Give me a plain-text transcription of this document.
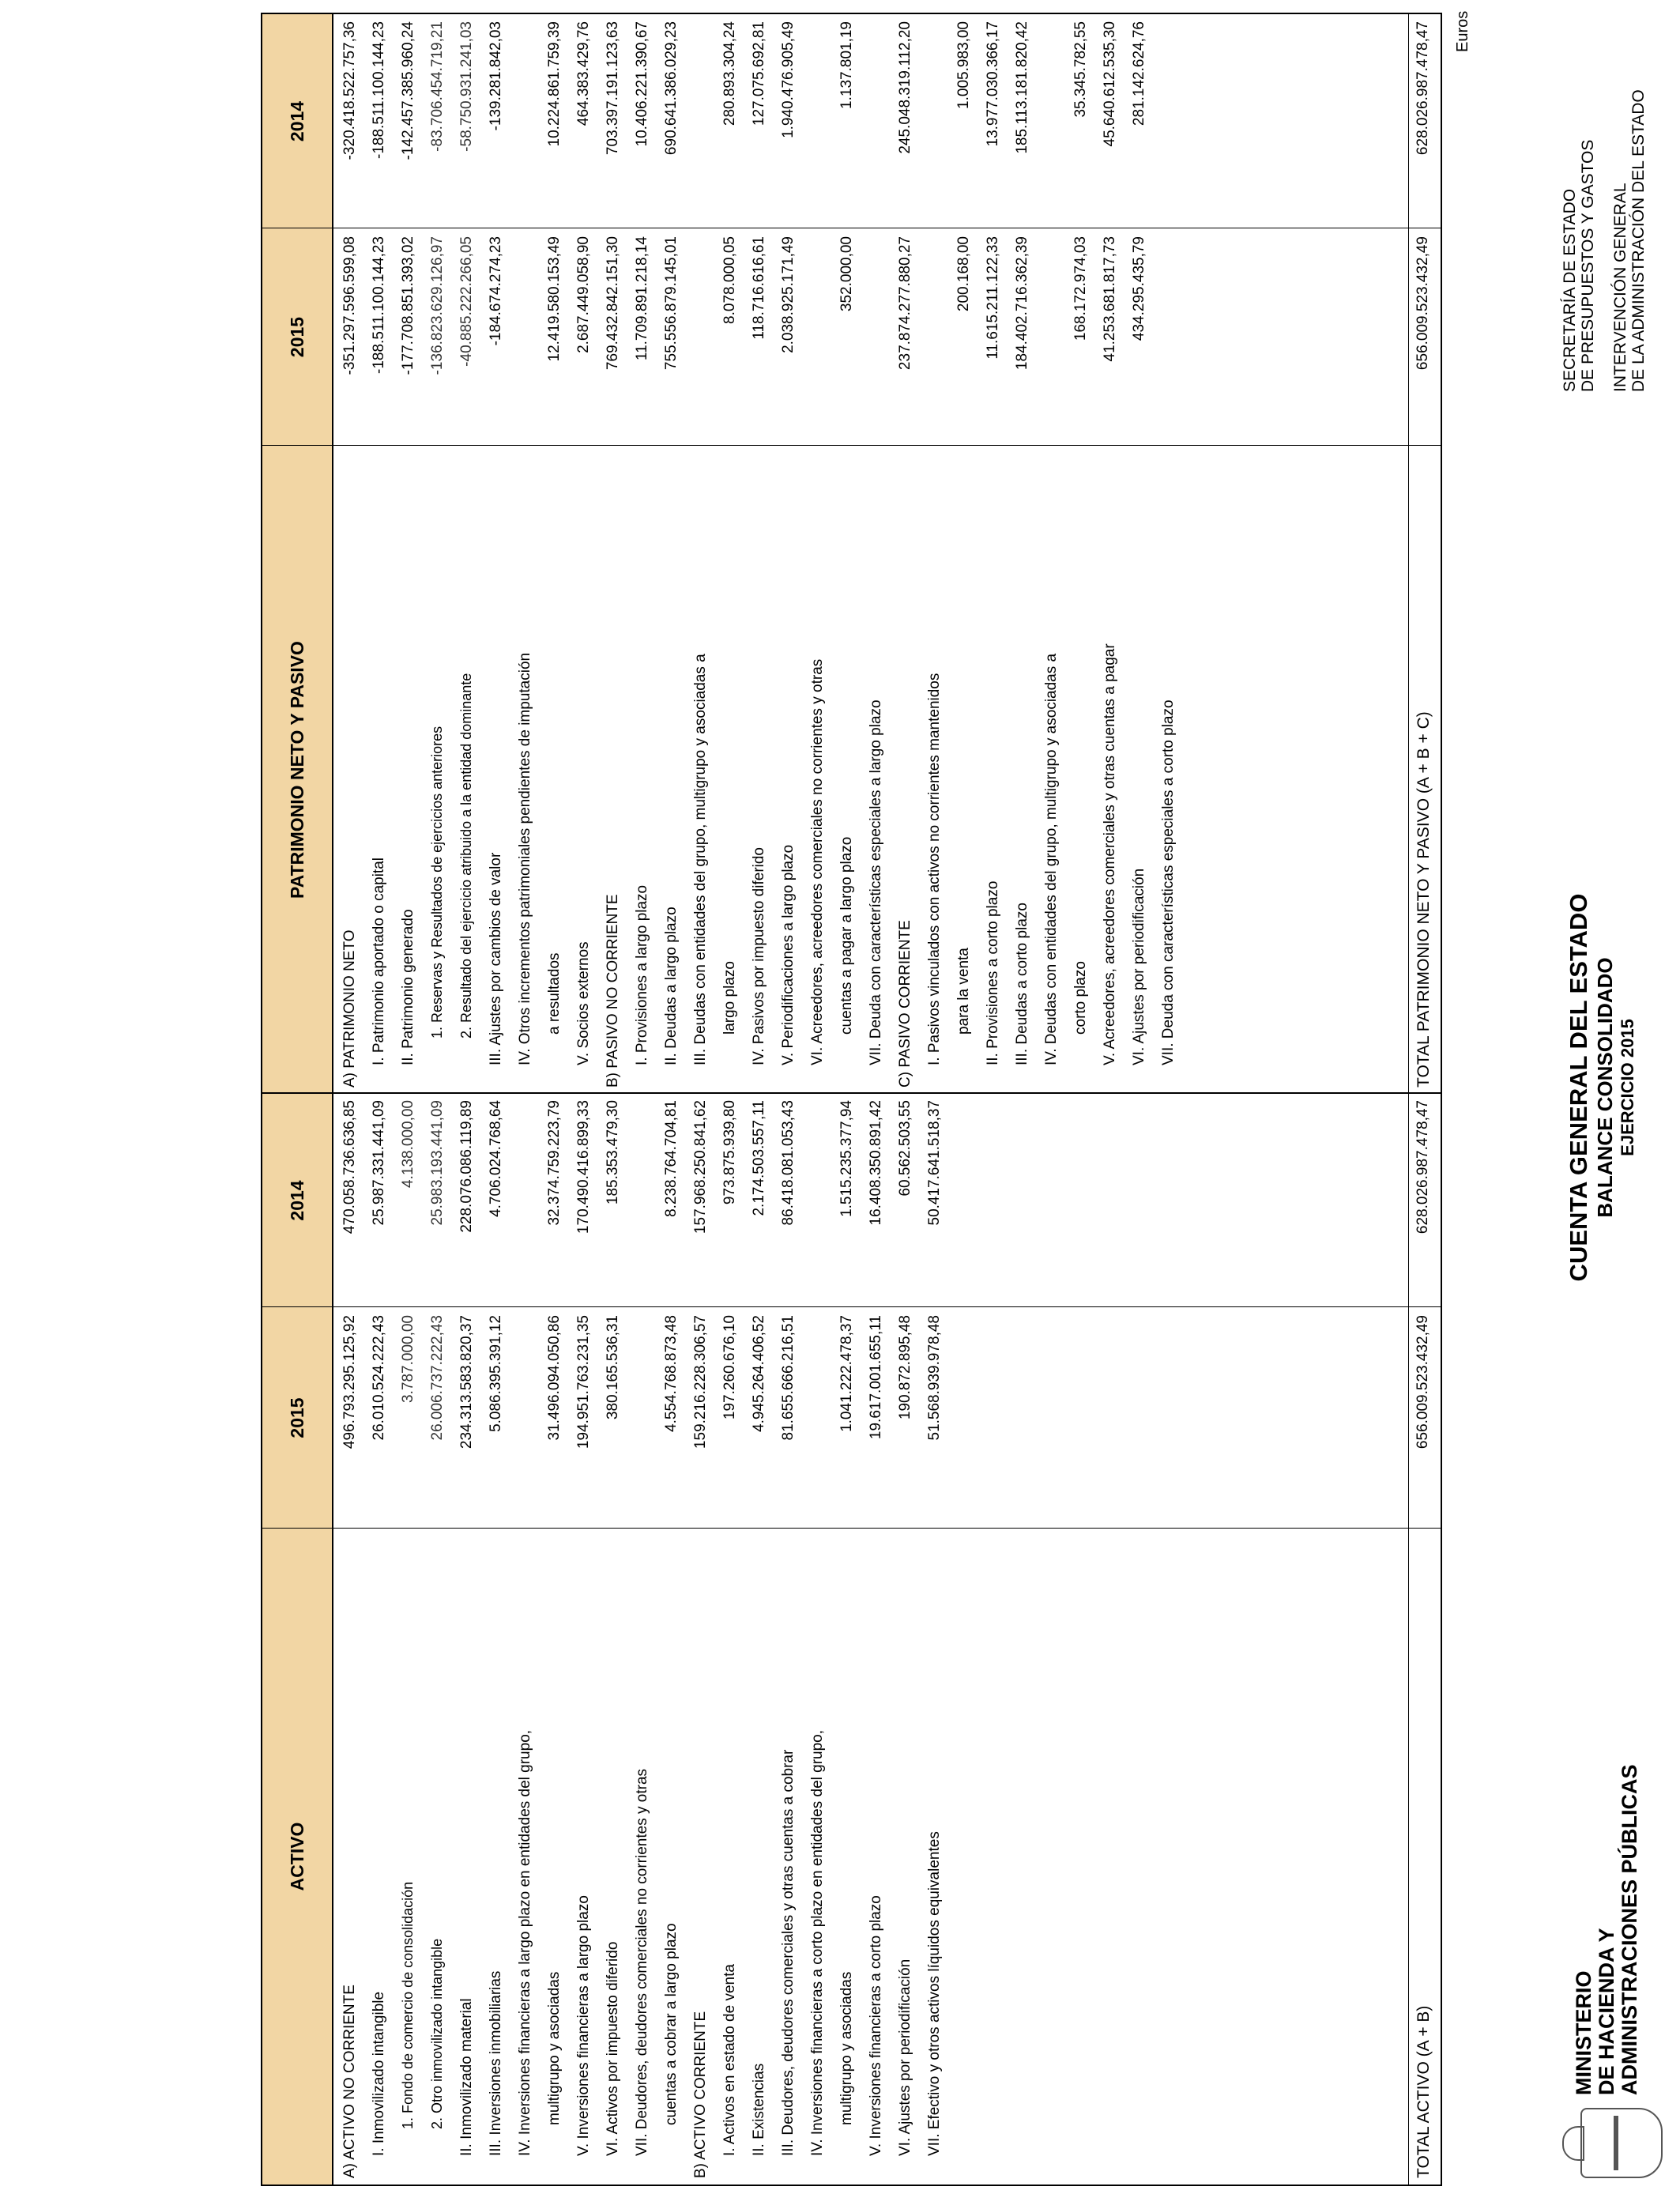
MINISTERIO DE HACIENDA Y ADMINISTRACIONES PÚBLICAS
CUENTA GENERAL DEL ESTADO BALANCE CONSOLIDADO EJERCICIO 2015
SECRETARÍA DE ESTADO DE PRESUPUESTOS Y GASTOS INTERVENCIÓN GENERAL DE LA ADMINISTRACIÓN DEL ESTADO
Euros
ACTIVO
2015
2014
PATRIMONIO NETO Y PASIVO
2015
2014
A) ACTIVO NO CORRIENTE
496.793.295.125,92
470.058.736.636,85
I. Inmovilizado intangible
26.010.524.222,43
25.987.331.441,09
1. Fondo de comercio de consolidación
3.787.000,00
4.138.000,00
2. Otro inmovilizado intangible
26.006.737.222,43
25.983.193.441,09
II. Inmovilizado material
234.313.583.820,37
228.076.086.119,89
III. Inversiones inmobiliarias
5.086.395.391,12
4.706.024.768,64
IV. Inversiones financieras a largo plazo en entidades del grupo, multigrupo y asociadas
31.496.094.050,86
32.374.759.223,79
V. Inversiones financieras a largo plazo
194.951.763.231,35
170.490.416.899,33
VI. Activos por impuesto diferido
380.165.536,31
185.353.479,30
VII. Deudores, deudores comerciales no corrientes y otras cuentas a cobrar a largo plazo
4.554.768.873,48
8.238.764.704,81
B) ACTIVO CORRIENTE
159.216.228.306,57
157.968.250.841,62
I. Activos en estado de venta
197.260.676,10
973.875.939,80
II. Existencias
4.945.264.406,52
2.174.503.557,11
III. Deudores, deudores comerciales y otras cuentas a cobrar
81.655.666.216,51
86.418.081.053,43
IV. Inversiones financieras a corto plazo en entidades del grupo, multigrupo y asociadas
1.041.222.478,37
1.515.235.377,94
V. Inversiones financieras a corto plazo
19.617.001.655,11
16.408.350.891,42
VI. Ajustes por periodificación
190.872.895,48
60.562.503,55
VII. Efectivo y otros activos líquidos equivalentes
51.568.939.978,48
50.417.641.518,37
A) PATRIMONIO NETO
-351.297.596.599,08
-320.418.522.757,36
I. Patrimonio aportado o capital
-188.511.100.144,23
-188.511.100.144,23
II. Patrimonio generado
-177.708.851.393,02
-142.457.385.960,24
1. Reservas y Resultados de ejercicios anteriores
-136.823.629.126,97
-83.706.454.719,21
2. Resultado del ejercicio atribuido a la entidad dominante
-40.885.222.266,05
-58.750.931.241,03
III. Ajustes por cambios de valor
-184.674.274,23
-139.281.842,03
IV. Otros incrementos patrimoniales pendientes de imputación a resultados
12.419.580.153,49
10.224.861.759,39
V. Socios externos
2.687.449.058,90
464.383.429,76
B) PASIVO NO CORRIENTE
769.432.842.151,30
703.397.191.123,63
I. Provisiones a largo plazo
11.709.891.218,14
10.406.221.390,67
II. Deudas a largo plazo
755.556.879.145,01
690.641.386.029,23
III. Deudas con entidades del grupo, multigrupo y asociadas a largo plazo
8.078.000,05
280.893.304,24
IV. Pasivos por impuesto diferido
118.716.616,61
127.075.692,81
V. Periodificaciones a largo plazo
2.038.925.171,49
1.940.476.905,49
VI. Acreedores, acreedores comerciales no corrientes y otras cuentas a pagar a largo plazo
352.000,00
1.137.801,19
VII. Deuda con características especiales a largo plazo C) PASIVO CORRIENTE
237.874.277.880,27
245.048.319.112,20
I. Pasivos vinculados con activos no corrientes mantenidos para la venta
200.168,00
1.005.983,00
II. Provisiones a corto plazo
11.615.211.122,33
13.977.030.366,17
III. Deudas a corto plazo
184.402.716.362,39
185.113.181.820,42
IV. Deudas con entidades del grupo, multigrupo y asociadas a corto plazo
168.172.974,03
35.345.782,55
V. Acreedores, acreedores comerciales y otras cuentas a pagar
41.253.681.817,73
45.640.612.535,30
VI. Ajustes por periodificación
434.295.435,79
281.142.624,76
VII. Deuda con características especiales a corto plazo
TOTAL ACTIVO (A + B)
656.009.523.432,49
628.026.987.478,47
TOTAL PATRIMONIO NETO Y PASIVO (A + B + C)
656.009.523.432,49
628.026.987.478,47
